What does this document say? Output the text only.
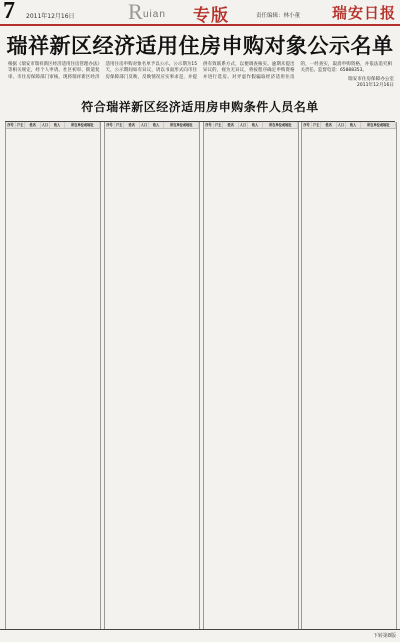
7 2011年12月16日 R uian 专版	责任编辑：林小董 瑞安日报
瑞祥新区经济适用住房申购对象公示名单
根据《瑞安市瑞祥新区经济适用住房管理办法》等相关规定，经个人申请、社区初审、街道复审、市住房保障部门审核，现将瑞祥新区经济适用住房申购对象名单予以公示。公示期为15天，公示期间如有异议，请以书面形式向市住房保障部门反映，反映情况应实事求是，并提供有效联系方式，以便调查核实。逾期未提出异议的，视为无异议，将按程序确定申购资格并进行选房。对弄虚作假骗取经济适用住房的，一经查实，取消申购资格，并依法追究相关责任。监督电话：65888353。
瑞安市住房保障办公室
2011年12月16日
符合瑞祥新区经济适用房申购条件人员名单
序号	户主	姓名	人口	收入	所在单位或地址	序号	户主	姓名	人口	收入	所在单位或地址	序号	户主	姓名	人口	收入	所在单位或地址	序号	户主	姓名	人口	收入	所在单位或地址
下转第8版
